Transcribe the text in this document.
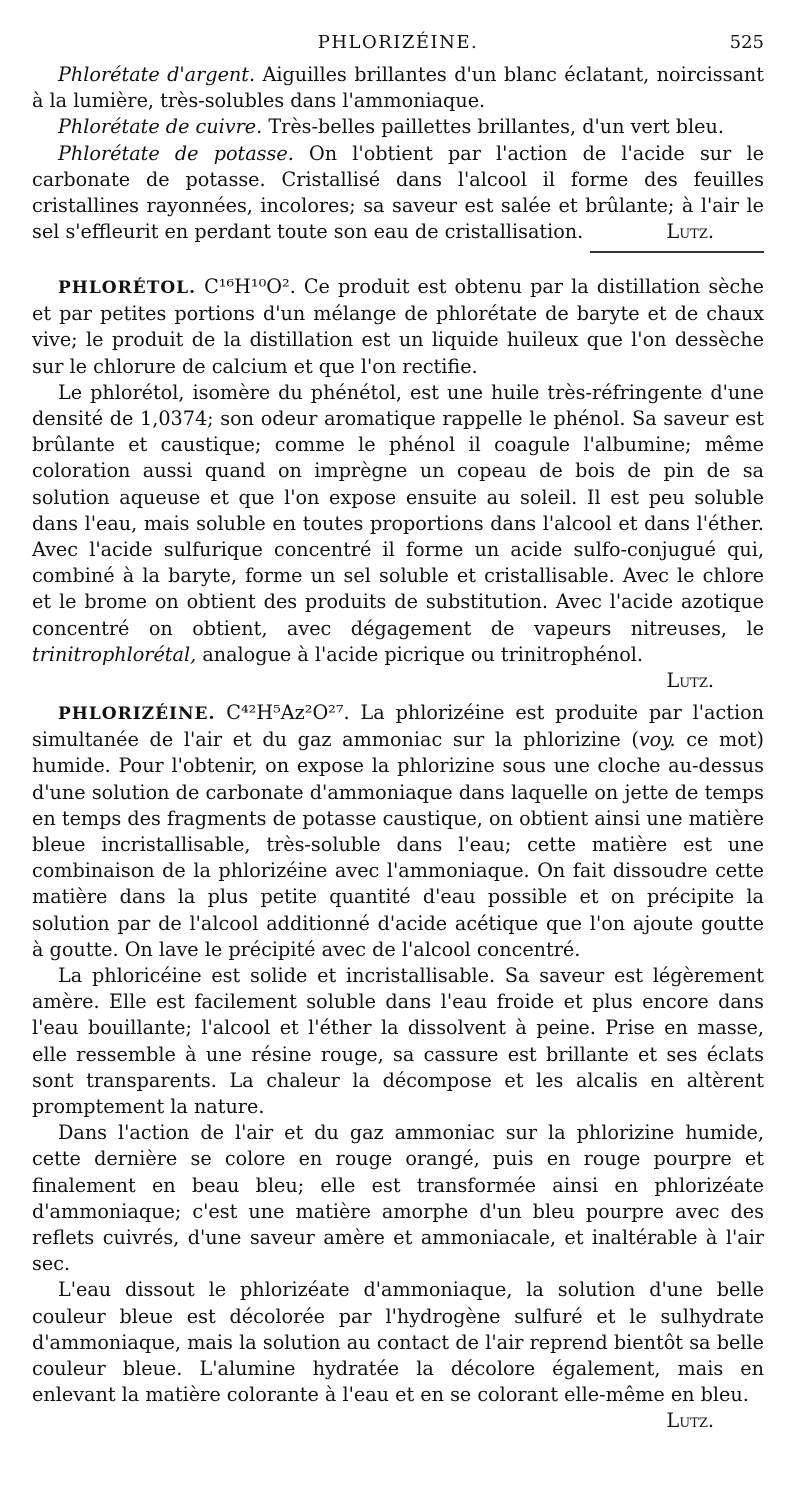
PHLORIZÉINE.	525

Phlorétate d'argent. Aiguilles brillantes d'un blanc éclatant, noircissant à la lumière, très-solubles dans l'ammoniaque.

Phlorétate de cuivre. Très-belles paillettes brillantes, d'un vert bleu.

Phlorétate de potasse. On l'obtient par l'action de l'acide sur le carbonate de potasse. Cristallisé dans l'alcool il forme des feuilles cristallines rayonnées, incolores; sa saveur est salée et brûlante; à l'air le sel s'effleurit en perdant toute son eau de cristallisation.	Lutz.

PHLORÉTOL. C¹⁶H¹⁰O². Ce produit est obtenu par la distillation sèche et par petites portions d'un mélange de phlorétate de baryte et de chaux vive; le produit de la distillation est un liquide huileux que l'on dessèche sur le chlorure de calcium et que l'on rectifie.

Le phlorétol, isomère du phénétol, est une huile très-réfringente d'une densité de 1,0374; son odeur aromatique rappelle le phénol. Sa saveur est brûlante et caustique; comme le phénol il coagule l'albumine; même coloration aussi quand on imprègne un copeau de bois de pin de sa solution aqueuse et que l'on expose ensuite au soleil. Il est peu soluble dans l'eau, mais soluble en toutes proportions dans l'alcool et dans l'éther. Avec l'acide sulfurique concentré il forme un acide sulfo-conjugué qui, combiné à la baryte, forme un sel soluble et cristallisable. Avec le chlore et le brome on obtient des produits de substitution. Avec l'acide azotique concentré on obtient, avec dégagement de vapeurs nitreuses, le trinitrophlorétal, analogue à l'acide picrique ou trinitrophénol.
Lutz.

PHLORIZÉINE. C⁴²H⁵Az²O²⁷. La phlorizéine est produite par l'action simultanée de l'air et du gaz ammoniac sur la phlorizine (voy. ce mot) humide. Pour l'obtenir, on expose la phlorizine sous une cloche au-dessus d'une solution de carbonate d'ammoniaque dans laquelle on jette de temps en temps des fragments de potasse caustique, on obtient ainsi une matière bleue incristallisable, très-soluble dans l'eau; cette matière est une combinaison de la phlorizéine avec l'ammoniaque. On fait dissoudre cette matière dans la plus petite quantité d'eau possible et on précipite la solution par de l'alcool additionné d'acide acétique que l'on ajoute goutte à goutte. On lave le précipité avec de l'alcool concentré.

La phloricéine est solide et incristallisable. Sa saveur est légèrement amère. Elle est facilement soluble dans l'eau froide et plus encore dans l'eau bouillante; l'alcool et l'éther la dissolvent à peine. Prise en masse, elle ressemble à une résine rouge, sa cassure est brillante et ses éclats sont transparents. La chaleur la décompose et les alcalis en altèrent promptement la nature.

Dans l'action de l'air et du gaz ammoniac sur la phlorizine humide, cette dernière se colore en rouge orangé, puis en rouge pourpre et finalement en beau bleu; elle est transformée ainsi en phlorizéate d'ammoniaque; c'est une matière amorphe d'un bleu pourpre avec des reflets cuivrés, d'une saveur amère et ammoniacale, et inaltérable à l'air sec.

L'eau dissout le phlorizéate d'ammoniaque, la solution d'une belle couleur bleue est décolorée par l'hydrogène sulfuré et le sulhydrate d'ammoniaque, mais la solution au contact de l'air reprend bientôt sa belle couleur bleue. L'alumine hydratée la décolore également, mais en enlevant la matière colorante à l'eau et en se colorant elle-même en bleu.
Lutz.
